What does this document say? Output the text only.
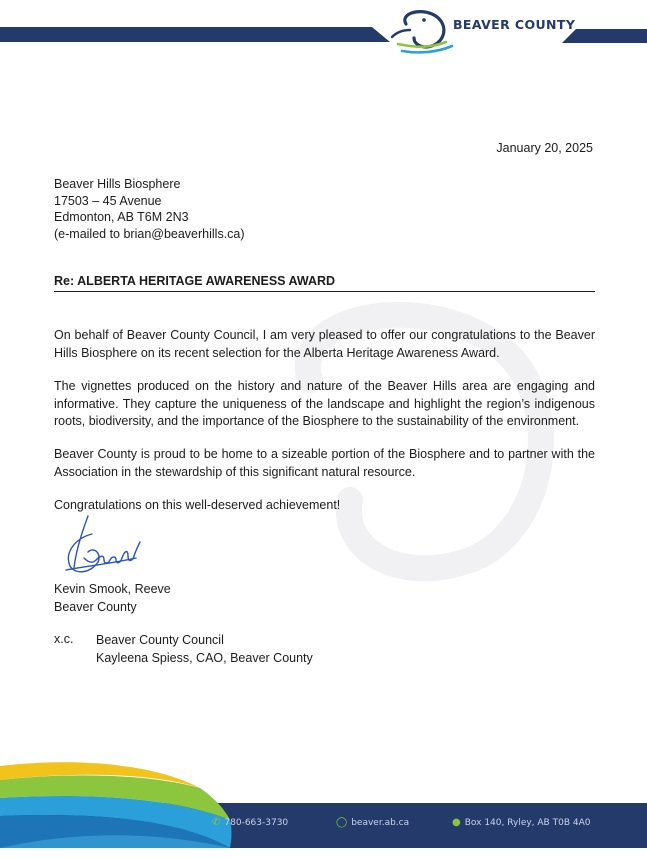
BEAVER COUNTY
January 20, 2025
Beaver Hills Biosphere
17503 – 45 Avenue
Edmonton, AB T6M 2N3
(e-mailed to brian@beaverhills.ca)
Re: ALBERTA HERITAGE AWARENESS AWARD

On behalf of Beaver County Council, I am very pleased to offer our congratulations to the Beaver Hills Biosphere on its recent selection for the Alberta Heritage Awareness Award.

The vignettes produced on the history and nature of the Beaver Hills area are engaging and informative. They capture the uniqueness of the landscape and highlight the region’s indigenous roots, biodiversity, and the importance of the Biosphere to the sustainability of the environment.

Beaver County is proud to be home to a sizeable portion of the Biosphere and to partner with the Association in the stewardship of this significant natural resource.

Congratulations on this well-deserved achievement!

Kevin Smook, Reeve
Beaver County
x.c. Beaver County Council
Kayleena Spiess, CAO, Beaver County
✆ 780-663-3730	◯ beaver.ab.ca	● Box 140, Ryley, AB T0B 4A0
